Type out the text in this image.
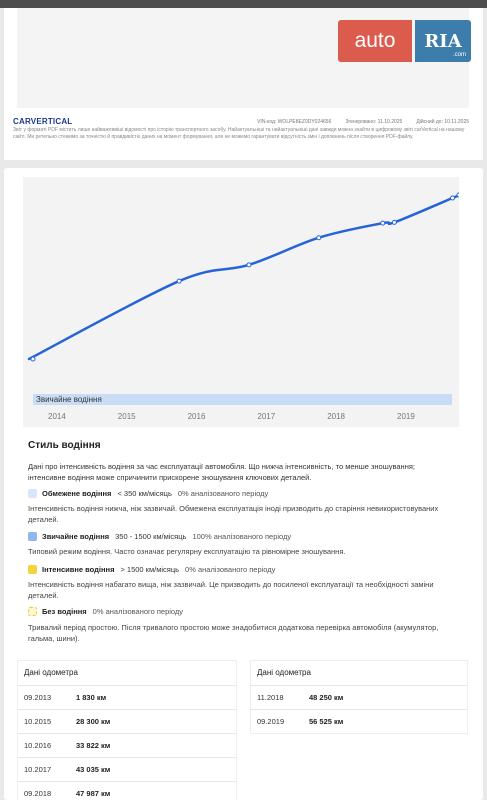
auto	RIA
.com
CARVERTICAL	VIN-код: WOLPE8EZ0DY024656	Згенеровано: 11.10.2025	Дійсний до: 10.11.2025
Звіт у форматі PDF містить лише найважливіші відомості про історію транспортного засобу. Найактуальніші та найактуальніші дані завжди можна знайти в цифровому звіті carVertical на нашому сайті. Ми ретельно стежимо за точністю й правдивістю даних на момент формування, але не можемо гарантувати відсутність змін і доповнень після створення PDF-файлу.
Звичайне водіння
2014	2015	2016	2017	2018	2019
Стиль водіння
Дані про інтенсивність водіння за час експлуатації автомобіля. Що нижча інтенсивність, то менше зношування; інтенсивне водіння може спричинити прискорене зношування ключових деталей.
Обмежене водіння < 350 км/місяць 0% аналізованого періоду
Інтенсивність водіння нижча, ніж зазвичай. Обмежена експлуатація іноді призводить до старіння невикористовуваних деталей.
Звичайне водіння 350 - 1500 км/місяць 100% аналізованого періоду
Типовий режим водіння. Часто означає регулярну експлуатацію та рівномірне зношування.
Інтенсивне водіння > 1500 км/місяць 0% аналізованого періоду
Інтенсивність водіння набагато вища, ніж зазвичай. Це призводить до посиленої експлуатації та необхідності заміни деталей.
Без водіння 0% аналізованого періоду
Тривалий період простою. Після тривалого простою може знадобитися додаткова перевірка автомобіля (акумулятор, гальма, шини).
Дані одометра
09.2013	1 830 км
10.2015	28 300 км
10.2016	33 822 км
10.2017	43 035 км
09.2018	47 987 км
Дані одометра
11.2018	48 250 км
09.2019	56 525 км
